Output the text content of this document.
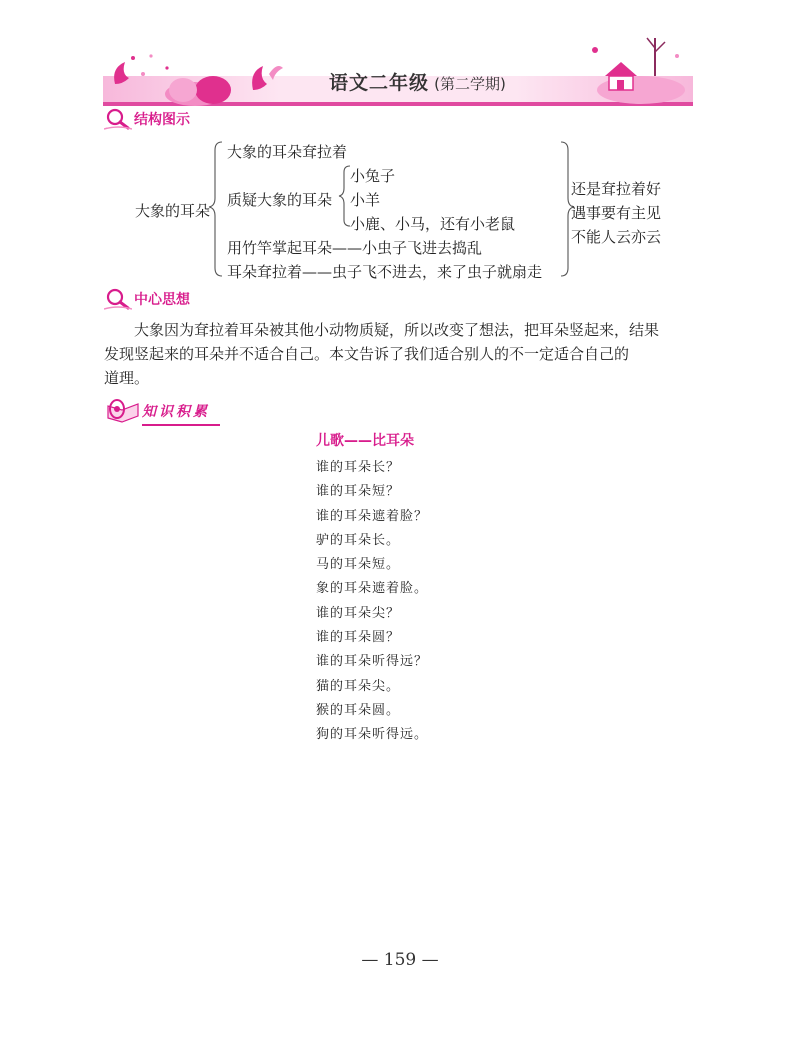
语文二年级 (第二学期)
结构图示
大象的耳朵
大象的耳朵耷拉着
质疑大象的耳朵
小兔子
小羊
小鹿、小马，还有小老鼠
用竹竿掌起耳朵——小虫子飞进去捣乱
耳朵耷拉着——虫子飞不进去，来了虫子就扇走
还是耷拉着好
遇事要有主见
不能人云亦云
中心思想
大象因为耷拉着耳朵被其他小动物质疑，所以改变了想法，把耳朵竖起来，结果
发现竖起来的耳朵并不适合自己。本文告诉了我们适合别人的不一定适合自己的
道理。
知识积累
儿歌——比耳朵
谁的耳朵长？
谁的耳朵短？
谁的耳朵遮着脸？
驴的耳朵长。
马的耳朵短。
象的耳朵遮着脸。
谁的耳朵尖？
谁的耳朵圆？
谁的耳朵听得远？
猫的耳朵尖。
猴的耳朵圆。
狗的耳朵听得远。
— 159 —
